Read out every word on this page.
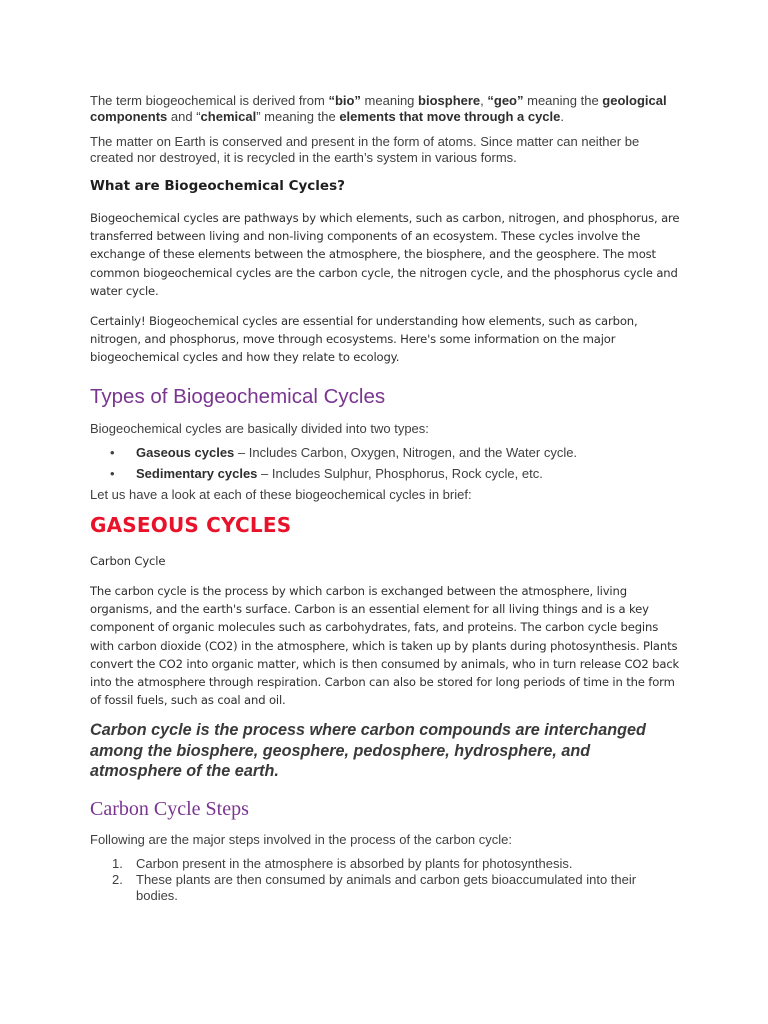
The term biogeochemical is derived from “bio” meaning biosphere, “geo” meaning the geological components and “chemical” meaning the elements that move through a cycle.

The matter on Earth is conserved and present in the form of atoms. Since matter can neither be created nor destroyed, it is recycled in the earth’s system in various forms.

What are Biogeochemical Cycles?

Biogeochemical cycles are pathways by which elements, such as carbon, nitrogen, and phosphorus, are transferred between living and non-living components of an ecosystem. These cycles involve the exchange of these elements between the atmosphere, the biosphere, and the geosphere. The most common biogeochemical cycles are the carbon cycle, the nitrogen cycle, and the phosphorus cycle and water cycle.

Certainly! Biogeochemical cycles are essential for understanding how elements, such as carbon, nitrogen, and phosphorus, move through ecosystems. Here's some information on the major biogeochemical cycles and how they relate to ecology.

Types of Biogeochemical Cycles

Biogeochemical cycles are basically divided into two types:

•	Gaseous cycles – Includes Carbon, Oxygen, Nitrogen, and the Water cycle.
•	Sedimentary cycles – Includes Sulphur, Phosphorus, Rock cycle, etc.

Let us have a look at each of these biogeochemical cycles in brief:

GASEOUS CYCLES

Carbon Cycle

The carbon cycle is the process by which carbon is exchanged between the atmosphere, living organisms, and the earth's surface. Carbon is an essential element for all living things and is a key component of organic molecules such as carbohydrates, fats, and proteins. The carbon cycle begins with carbon dioxide (CO2) in the atmosphere, which is taken up by plants during photosynthesis. Plants convert the CO2 into organic matter, which is then consumed by animals, who in turn release CO2 back into the atmosphere through respiration. Carbon can also be stored for long periods of time in the form of fossil fuels, such as coal and oil.

Carbon cycle is the process where carbon compounds are interchanged among the biosphere, geosphere, pedosphere, hydrosphere, and atmosphere of the earth.

Carbon Cycle Steps

Following are the major steps involved in the process of the carbon cycle:

1. Carbon present in the atmosphere is absorbed by plants for photosynthesis.
2. These plants are then consumed by animals and carbon gets bioaccumulated into their bodies.
